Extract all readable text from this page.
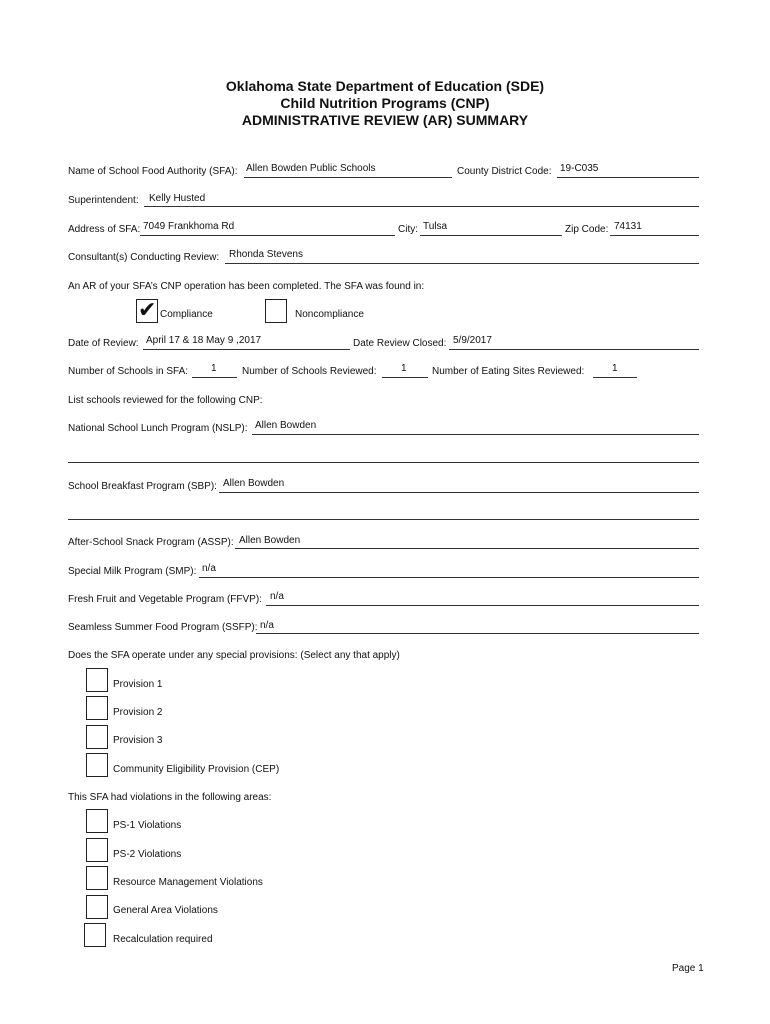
Oklahoma State Department of Education (SDE)
Child Nutrition Programs (CNP)
ADMINISTRATIVE REVIEW (AR) SUMMARY
Name of School Food Authority (SFA): Allen Bowden Public Schools	County District Code: 19-C035
Superintendent: Kelly Husted
Address of SFA: 7049 Frankhoma Rd	City: Tulsa	Zip Code: 74131
Consultant(s) Conducting Review: Rhonda Stevens
An AR of your SFA’s CNP operation has been completed. The SFA was found in:
✔ Compliance	Noncompliance
Date of Review: April 17 & 18 May 9 ,2017	Date Review Closed: 5/9/2017
Number of Schools in SFA: 1	Number of Schools Reviewed: 1	Number of Eating Sites Reviewed:	1
List schools reviewed for the following CNP:
National School Lunch Program (NSLP): Allen Bowden
School Breakfast Program (SBP): Allen Bowden
After-School Snack Program (ASSP): Allen Bowden
Special Milk Program (SMP): n/a
Fresh Fruit and Vegetable Program (FFVP): n/a
Seamless Summer Food Program (SSFP): n/a
Does the SFA operate under any special provisions: (Select any that apply)
Provision 1
Provision 2
Provision 3
Community Eligibility Provision (CEP)
This SFA had violations in the following areas:
PS-1 Violations
PS-2 Violations
Resource Management Violations
General Area Violations
Recalculation required
Page 1
